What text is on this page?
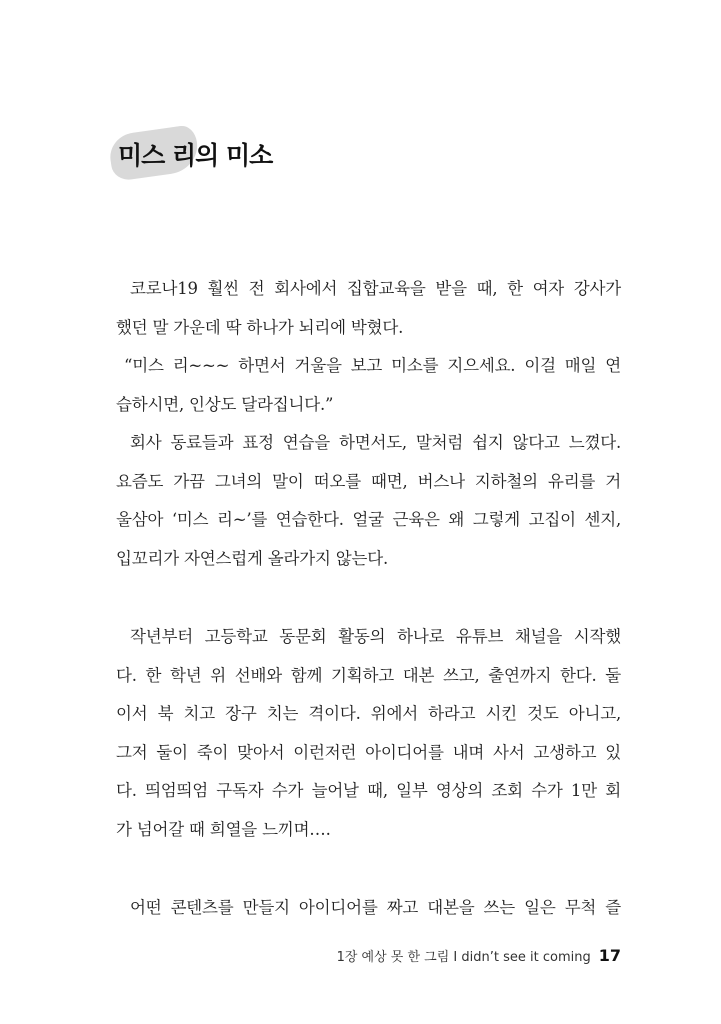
미스 리의 미소
코로나19 훨씬 전 회사에서 집합교육을 받을 때, 한 여자 강사가
했던 말 가운데 딱 하나가 뇌리에 박혔다.
“미스 리~~~ 하면서 거울을 보고 미소를 지으세요. 이걸 매일 연
습하시면, 인상도 달라집니다.”
회사 동료들과 표정 연습을 하면서도, 말처럼 쉽지 않다고 느꼈다.
요즘도 가끔 그녀의 말이 떠오를 때면, 버스나 지하철의 유리를 거
울삼아 ‘미스 리~’를 연습한다. 얼굴 근육은 왜 그렇게 고집이 센지,
입꼬리가 자연스럽게 올라가지 않는다.
작년부터 고등학교 동문회 활동의 하나로 유튜브 채널을 시작했
다. 한 학년 위 선배와 함께 기획하고 대본 쓰고, 출연까지 한다. 둘
이서 북 치고 장구 치는 격이다. 위에서 하라고 시킨 것도 아니고,
그저 둘이 죽이 맞아서 이런저런 아이디어를 내며 사서 고생하고 있
다. 띄엄띄엄 구독자 수가 늘어날 때, 일부 영상의 조회 수가 1만 회
가 넘어갈 때 희열을 느끼며….
어떤 콘텐츠를 만들지 아이디어를 짜고 대본을 쓰는 일은 무척 즐
1장 예상 못 한 그림 I didn’t see it coming 17
